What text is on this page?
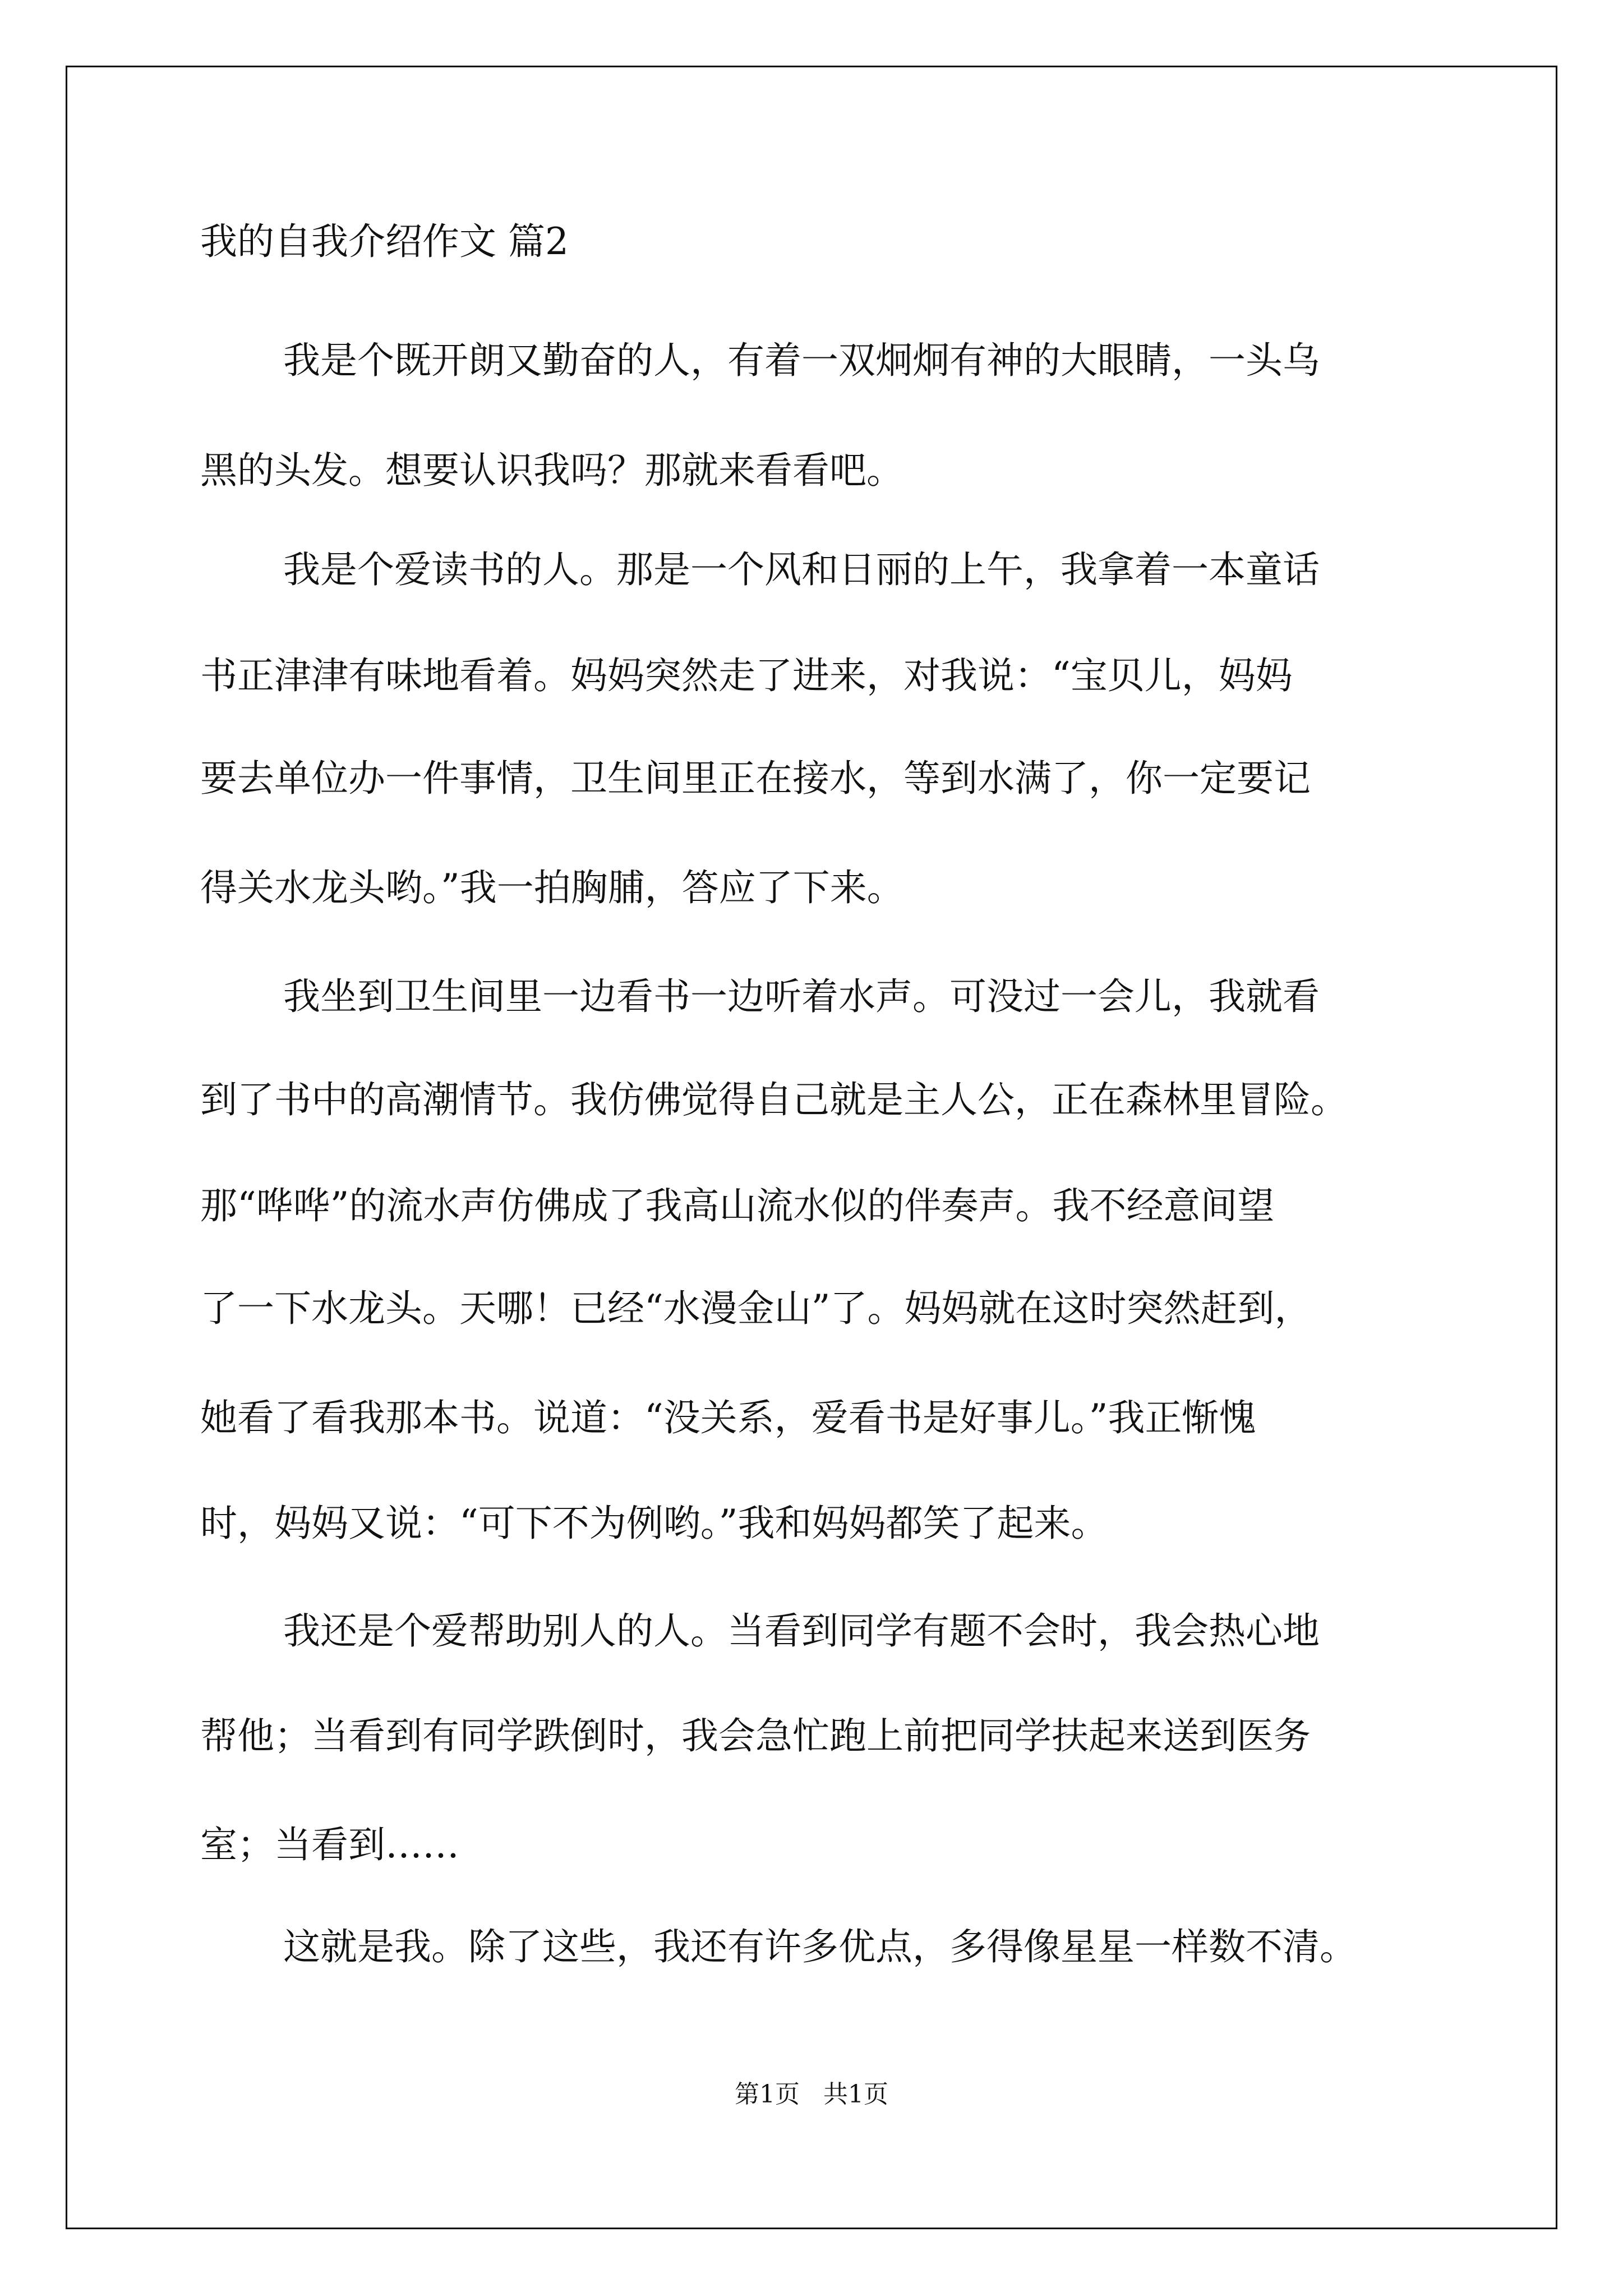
我的自我介绍作文 篇2
我是个既开朗又勤奋的人，有着一双炯炯有神的大眼睛，一头乌
黑的头发。想要认识我吗？那就来看看吧。
我是个爱读书的人。那是一个风和日丽的上午，我拿着一本童话
书正津津有味地看着。妈妈突然走了进来，对我说：“宝贝儿，妈妈
要去单位办一件事情，卫生间里正在接水，等到水满了，你一定要记
得关水龙头哟。”我一拍胸脯，答应了下来。
我坐到卫生间里一边看书一边听着水声。可没过一会儿，我就看
到了书中的高潮情节。我仿佛觉得自己就是主人公，正在森林里冒险。
那“哗哗”的流水声仿佛成了我高山流水似的伴奏声。我不经意间望
了一下水龙头。天哪！已经“水漫金山”了。妈妈就在这时突然赶到，
她看了看我那本书。说道：“没关系，爱看书是好事儿。”我正惭愧
时，妈妈又说：“可下不为例哟。”我和妈妈都笑了起来。
我还是个爱帮助别人的人。当看到同学有题不会时，我会热心地
帮他；当看到有同学跌倒时，我会急忙跑上前把同学扶起来送到医务
室；当看到……
这就是我。除了这些，我还有许多优点，多得像星星一样数不清。
第1页   共1页
